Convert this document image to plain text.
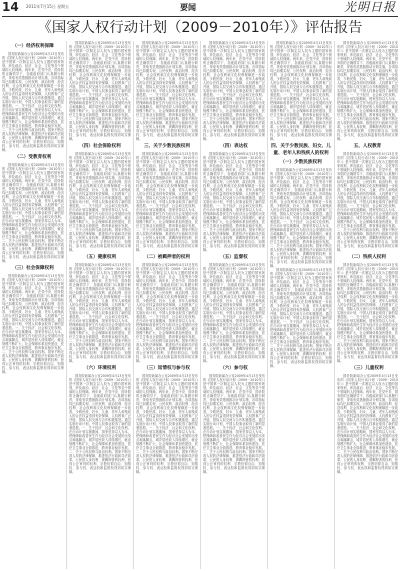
14 2011年7月15日 星期五	要闻	光明日报
《国家人权行动计划（2009－2010年）》评估报告
（一）经济权利保障

国务院新闻办公室2009年4月13日发布的《国家人权行动计划（2009－2010年）》是中国第一次制定以人权为主题的国家规划，涉及政治、经济、社会、文化等各个领域的人权保障。两年来，在党中央、国务院的正确领导下，各级政府部门认真履行职责，采取有效措施推动计划实施，各项指标均已如期实现，公民权利、政治权利、经济权利、社会权利和文化权利保障进一步改善，少数民族、妇女、儿童、老年人和残疾人的合法权益得到有效保障，人权教育广泛开展，国际人权交流与合作积极推进。通过实施行动计划，中国人权事业取得了新的显著进展。一、关于经济、社会和文化权利。在行动计划实施期间，国家坚持以人为本，把保障和改善民生作为经济社会发展的出发点和落脚点，城乡居民收入持续增长，就业规模不断扩大，社会保障体系加快建设，医疗卫生事业全面推进，教育事业稳步发展。二、关于公民权利与政治权利。国家不断完善人权的法律保障，推进依法行政和司法改革，公民的人身权利、被羁押者的权利、获得公正审判的权利、宗教信仰自由、知情权、参与权、表达权和监督权得到切实保障。

（二）受教育权利

国务院新闻办公室2009年4月13日发布的《国家人权行动计划（2009－2010年）》是中国第一次制定以人权为主题的国家规划，涉及政治、经济、社会、文化等各个领域的人权保障。两年来，在党中央、国务院的正确领导下，各级政府部门认真履行职责，采取有效措施推动计划实施，各项指标均已如期实现，公民权利、政治权利、经济权利、社会权利和文化权利保障进一步改善，少数民族、妇女、儿童、老年人和残疾人的合法权益得到有效保障，人权教育广泛开展，国际人权交流与合作积极推进。通过实施行动计划，中国人权事业取得了新的显著进展。一、关于经济、社会和文化权利。在行动计划实施期间，国家坚持以人为本，把保障和改善民生作为经济社会发展的出发点和落脚点，城乡居民收入持续增长，就业规模不断扩大，社会保障体系加快建设，医疗卫生事业全面推进，教育事业稳步发展。二、关于公民权利与政治权利。国家不断完善人权的法律保障，推进依法行政和司法改革，公民的人身权利、被羁押者的权利、获得公正审判的权利、宗教信仰自由、知情权、参与权、表达权和监督权得到切实保障。

（三）社会保障权利

国务院新闻办公室2009年4月13日发布的《国家人权行动计划（2009－2010年）》是中国第一次制定以人权为主题的国家规划，涉及政治、经济、社会、文化等各个领域的人权保障。两年来，在党中央、国务院的正确领导下，各级政府部门认真履行职责，采取有效措施推动计划实施，各项指标均已如期实现，公民权利、政治权利、经济权利、社会权利和文化权利保障进一步改善，少数民族、妇女、儿童、老年人和残疾人的合法权益得到有效保障，人权教育广泛开展，国际人权交流与合作积极推进。通过实施行动计划，中国人权事业取得了新的显著进展。一、关于经济、社会和文化权利。在行动计划实施期间，国家坚持以人为本，把保障和改善民生作为经济社会发展的出发点和落脚点，城乡居民收入持续增长，就业规模不断扩大，社会保障体系加快建设，医疗卫生事业全面推进，教育事业稳步发展。二、关于公民权利与政治权利。国家不断完善人权的法律保障，推进依法行政和司法改革，公民的人身权利、被羁押者的权利、获得公正审判的权利、宗教信仰自由、知情权、参与权、表达权和监督权得到切实保障。

国务院新闻办公室2009年4月13日发布的《国家人权行动计划（2009－2010年）》是中国第一次制定以人权为主题的国家规划，涉及政治、经济、社会、文化等各个领域的人权保障。两年来，在党中央、国务院的正确领导下，各级政府部门认真履行职责，采取有效措施推动计划实施，各项指标均已如期实现，公民权利、政治权利、经济权利、社会权利和文化权利保障进一步改善，少数民族、妇女、儿童、老年人和残疾人的合法权益得到有效保障，人权教育广泛开展，国际人权交流与合作积极推进。通过实施行动计划，中国人权事业取得了新的显著进展。一、关于经济、社会和文化权利。在行动计划实施期间，国家坚持以人为本，把保障和改善民生作为经济社会发展的出发点和落脚点，城乡居民收入持续增长，就业规模不断扩大，社会保障体系加快建设，医疗卫生事业全面推进，教育事业稳步发展。二、关于公民权利与政治权利。国家不断完善人权的法律保障，推进依法行政和司法改革，公民的人身权利、被羁押者的权利、获得公正审判的权利、宗教信仰自由、知情权、参与权、表达权和监督权得到切实保障。

（四）社会保险权利

国务院新闻办公室2009年4月13日发布的《国家人权行动计划（2009－2010年）》是中国第一次制定以人权为主题的国家规划，涉及政治、经济、社会、文化等各个领域的人权保障。两年来，在党中央、国务院的正确领导下，各级政府部门认真履行职责，采取有效措施推动计划实施，各项指标均已如期实现，公民权利、政治权利、经济权利、社会权利和文化权利保障进一步改善，少数民族、妇女、儿童、老年人和残疾人的合法权益得到有效保障，人权教育广泛开展，国际人权交流与合作积极推进。通过实施行动计划，中国人权事业取得了新的显著进展。一、关于经济、社会和文化权利。在行动计划实施期间，国家坚持以人为本，把保障和改善民生作为经济社会发展的出发点和落脚点，城乡居民收入持续增长，就业规模不断扩大，社会保障体系加快建设，医疗卫生事业全面推进，教育事业稳步发展。二、关于公民权利与政治权利。国家不断完善人权的法律保障，推进依法行政和司法改革，公民的人身权利、被羁押者的权利、获得公正审判的权利、宗教信仰自由、知情权、参与权、表达权和监督权得到切实保障。

（五）健康权利

国务院新闻办公室2009年4月13日发布的《国家人权行动计划（2009－2010年）》是中国第一次制定以人权为主题的国家规划，涉及政治、经济、社会、文化等各个领域的人权保障。两年来，在党中央、国务院的正确领导下，各级政府部门认真履行职责，采取有效措施推动计划实施，各项指标均已如期实现，公民权利、政治权利、经济权利、社会权利和文化权利保障进一步改善，少数民族、妇女、儿童、老年人和残疾人的合法权益得到有效保障，人权教育广泛开展，国际人权交流与合作积极推进。通过实施行动计划，中国人权事业取得了新的显著进展。一、关于经济、社会和文化权利。在行动计划实施期间，国家坚持以人为本，把保障和改善民生作为经济社会发展的出发点和落脚点，城乡居民收入持续增长，就业规模不断扩大，社会保障体系加快建设，医疗卫生事业全面推进，教育事业稳步发展。二、关于公民权利与政治权利。国家不断完善人权的法律保障，推进依法行政和司法改革，公民的人身权利、被羁押者的权利、获得公正审判的权利、宗教信仰自由、知情权、参与权、表达权和监督权得到切实保障。

（六）环境权利

国务院新闻办公室2009年4月13日发布的《国家人权行动计划（2009－2010年）》是中国第一次制定以人权为主题的国家规划，涉及政治、经济、社会、文化等各个领域的人权保障。两年来，在党中央、国务院的正确领导下，各级政府部门认真履行职责，采取有效措施推动计划实施，各项指标均已如期实现，公民权利、政治权利、经济权利、社会权利和文化权利保障进一步改善，少数民族、妇女、儿童、老年人和残疾人的合法权益得到有效保障，人权教育广泛开展，国际人权交流与合作积极推进。通过实施行动计划，中国人权事业取得了新的显著进展。一、关于经济、社会和文化权利。在行动计划实施期间，国家坚持以人为本，把保障和改善民生作为经济社会发展的出发点和落脚点，城乡居民收入持续增长，就业规模不断扩大，社会保障体系加快建设，医疗卫生事业全面推进，教育事业稳步发展。二、关于公民权利与政治权利。国家不断完善人权的法律保障，推进依法行政和司法改革，公民的人身权利、被羁押者的权利、获得公正审判的权利、宗教信仰自由、知情权、参与权、表达权和监督权得到切实保障。

国务院新闻办公室2009年4月13日发布的《国家人权行动计划（2009－2010年）》是中国第一次制定以人权为主题的国家规划，涉及政治、经济、社会、文化等各个领域的人权保障。两年来，在党中央、国务院的正确领导下，各级政府部门认真履行职责，采取有效措施推动计划实施，各项指标均已如期实现，公民权利、政治权利、经济权利、社会权利和文化权利保障进一步改善，少数民族、妇女、儿童、老年人和残疾人的合法权益得到有效保障，人权教育广泛开展，国际人权交流与合作积极推进。通过实施行动计划，中国人权事业取得了新的显著进展。一、关于经济、社会和文化权利。在行动计划实施期间，国家坚持以人为本，把保障和改善民生作为经济社会发展的出发点和落脚点，城乡居民收入持续增长，就业规模不断扩大，社会保障体系加快建设，医疗卫生事业全面推进，教育事业稳步发展。二、关于公民权利与政治权利。国家不断完善人权的法律保障，推进依法行政和司法改革，公民的人身权利、被羁押者的权利、获得公正审判的权利、宗教信仰自由、知情权、参与权、表达权和监督权得到切实保障。

三、关于少数民族权利

国务院新闻办公室2009年4月13日发布的《国家人权行动计划（2009－2010年）》是中国第一次制定以人权为主题的国家规划，涉及政治、经济、社会、文化等各个领域的人权保障。两年来，在党中央、国务院的正确领导下，各级政府部门认真履行职责，采取有效措施推动计划实施，各项指标均已如期实现，公民权利、政治权利、经济权利、社会权利和文化权利保障进一步改善，少数民族、妇女、儿童、老年人和残疾人的合法权益得到有效保障，人权教育广泛开展，国际人权交流与合作积极推进。通过实施行动计划，中国人权事业取得了新的显著进展。一、关于经济、社会和文化权利。在行动计划实施期间，国家坚持以人为本，把保障和改善民生作为经济社会发展的出发点和落脚点，城乡居民收入持续增长，就业规模不断扩大，社会保障体系加快建设，医疗卫生事业全面推进，教育事业稳步发展。二、关于公民权利与政治权利。国家不断完善人权的法律保障，推进依法行政和司法改革，公民的人身权利、被羁押者的权利、获得公正审判的权利、宗教信仰自由、知情权、参与权、表达权和监督权得到切实保障。

（二）被羁押者的权利

国务院新闻办公室2009年4月13日发布的《国家人权行动计划（2009－2010年）》是中国第一次制定以人权为主题的国家规划，涉及政治、经济、社会、文化等各个领域的人权保障。两年来，在党中央、国务院的正确领导下，各级政府部门认真履行职责，采取有效措施推动计划实施，各项指标均已如期实现，公民权利、政治权利、经济权利、社会权利和文化权利保障进一步改善，少数民族、妇女、儿童、老年人和残疾人的合法权益得到有效保障，人权教育广泛开展，国际人权交流与合作积极推进。通过实施行动计划，中国人权事业取得了新的显著进展。一、关于经济、社会和文化权利。在行动计划实施期间，国家坚持以人为本，把保障和改善民生作为经济社会发展的出发点和落脚点，城乡居民收入持续增长，就业规模不断扩大，社会保障体系加快建设，医疗卫生事业全面推进，教育事业稳步发展。二、关于公民权利与政治权利。国家不断完善人权的法律保障，推进依法行政和司法改革，公民的人身权利、被羁押者的权利、获得公正审判的权利、宗教信仰自由、知情权、参与权、表达权和监督权得到切实保障。

（三）知情权与参与权

国务院新闻办公室2009年4月13日发布的《国家人权行动计划（2009－2010年）》是中国第一次制定以人权为主题的国家规划，涉及政治、经济、社会、文化等各个领域的人权保障。两年来，在党中央、国务院的正确领导下，各级政府部门认真履行职责，采取有效措施推动计划实施，各项指标均已如期实现，公民权利、政治权利、经济权利、社会权利和文化权利保障进一步改善，少数民族、妇女、儿童、老年人和残疾人的合法权益得到有效保障，人权教育广泛开展，国际人权交流与合作积极推进。通过实施行动计划，中国人权事业取得了新的显著进展。一、关于经济、社会和文化权利。在行动计划实施期间，国家坚持以人为本，把保障和改善民生作为经济社会发展的出发点和落脚点，城乡居民收入持续增长，就业规模不断扩大，社会保障体系加快建设，医疗卫生事业全面推进，教育事业稳步发展。二、关于公民权利与政治权利。国家不断完善人权的法律保障，推进依法行政和司法改革，公民的人身权利、被羁押者的权利、获得公正审判的权利、宗教信仰自由、知情权、参与权、表达权和监督权得到切实保障。

国务院新闻办公室2009年4月13日发布的《国家人权行动计划（2009－2010年）》是中国第一次制定以人权为主题的国家规划，涉及政治、经济、社会、文化等各个领域的人权保障。两年来，在党中央、国务院的正确领导下，各级政府部门认真履行职责，采取有效措施推动计划实施，各项指标均已如期实现，公民权利、政治权利、经济权利、社会权利和文化权利保障进一步改善，少数民族、妇女、儿童、老年人和残疾人的合法权益得到有效保障，人权教育广泛开展，国际人权交流与合作积极推进。通过实施行动计划，中国人权事业取得了新的显著进展。一、关于经济、社会和文化权利。在行动计划实施期间，国家坚持以人为本，把保障和改善民生作为经济社会发展的出发点和落脚点，城乡居民收入持续增长，就业规模不断扩大，社会保障体系加快建设，医疗卫生事业全面推进，教育事业稳步发展。二、关于公民权利与政治权利。国家不断完善人权的法律保障，推进依法行政和司法改革，公民的人身权利、被羁押者的权利、获得公正审判的权利、宗教信仰自由、知情权、参与权、表达权和监督权得到切实保障。

（四）表达权

国务院新闻办公室2009年4月13日发布的《国家人权行动计划（2009－2010年）》是中国第一次制定以人权为主题的国家规划，涉及政治、经济、社会、文化等各个领域的人权保障。两年来，在党中央、国务院的正确领导下，各级政府部门认真履行职责，采取有效措施推动计划实施，各项指标均已如期实现，公民权利、政治权利、经济权利、社会权利和文化权利保障进一步改善，少数民族、妇女、儿童、老年人和残疾人的合法权益得到有效保障，人权教育广泛开展，国际人权交流与合作积极推进。通过实施行动计划，中国人权事业取得了新的显著进展。一、关于经济、社会和文化权利。在行动计划实施期间，国家坚持以人为本，把保障和改善民生作为经济社会发展的出发点和落脚点，城乡居民收入持续增长，就业规模不断扩大，社会保障体系加快建设，医疗卫生事业全面推进，教育事业稳步发展。二、关于公民权利与政治权利。国家不断完善人权的法律保障，推进依法行政和司法改革，公民的人身权利、被羁押者的权利、获得公正审判的权利、宗教信仰自由、知情权、参与权、表达权和监督权得到切实保障。

（五）监督权

国务院新闻办公室2009年4月13日发布的《国家人权行动计划（2009－2010年）》是中国第一次制定以人权为主题的国家规划，涉及政治、经济、社会、文化等各个领域的人权保障。两年来，在党中央、国务院的正确领导下，各级政府部门认真履行职责，采取有效措施推动计划实施，各项指标均已如期实现，公民权利、政治权利、经济权利、社会权利和文化权利保障进一步改善，少数民族、妇女、儿童、老年人和残疾人的合法权益得到有效保障，人权教育广泛开展，国际人权交流与合作积极推进。通过实施行动计划，中国人权事业取得了新的显著进展。一、关于经济、社会和文化权利。在行动计划实施期间，国家坚持以人为本，把保障和改善民生作为经济社会发展的出发点和落脚点，城乡居民收入持续增长，就业规模不断扩大，社会保障体系加快建设，医疗卫生事业全面推进，教育事业稳步发展。二、关于公民权利与政治权利。国家不断完善人权的法律保障，推进依法行政和司法改革，公民的人身权利、被羁押者的权利、获得公正审判的权利、宗教信仰自由、知情权、参与权、表达权和监督权得到切实保障。

（六）参与权

国务院新闻办公室2009年4月13日发布的《国家人权行动计划（2009－2010年）》是中国第一次制定以人权为主题的国家规划，涉及政治、经济、社会、文化等各个领域的人权保障。两年来，在党中央、国务院的正确领导下，各级政府部门认真履行职责，采取有效措施推动计划实施，各项指标均已如期实现，公民权利、政治权利、经济权利、社会权利和文化权利保障进一步改善，少数民族、妇女、儿童、老年人和残疾人的合法权益得到有效保障，人权教育广泛开展，国际人权交流与合作积极推进。通过实施行动计划，中国人权事业取得了新的显著进展。一、关于经济、社会和文化权利。在行动计划实施期间，国家坚持以人为本，把保障和改善民生作为经济社会发展的出发点和落脚点，城乡居民收入持续增长，就业规模不断扩大，社会保障体系加快建设，医疗卫生事业全面推进，教育事业稳步发展。二、关于公民权利与政治权利。国家不断完善人权的法律保障，推进依法行政和司法改革，公民的人身权利、被羁押者的权利、获得公正审判的权利、宗教信仰自由、知情权、参与权、表达权和监督权得到切实保障。

国务院新闻办公室2009年4月13日发布的《国家人权行动计划（2009－2010年）》是中国第一次制定以人权为主题的国家规划，涉及政治、经济、社会、文化等各个领域的人权保障。两年来，在党中央、国务院的正确领导下，各级政府部门认真履行职责，采取有效措施推动计划实施，各项指标均已如期实现，公民权利、政治权利、经济权利、社会权利和文化权利保障进一步改善，少数民族、妇女、儿童、老年人和残疾人的合法权益得到有效保障，人权教育广泛开展，国际人权交流与合作积极推进。通过实施行动计划，中国人权事业取得了新的显著进展。一、关于经济、社会和文化权利。在行动计划实施期间，国家坚持以人为本，把保障和改善民生作为经济社会发展的出发点和落脚点，城乡居民收入持续增长，就业规模不断扩大，社会保障体系加快建设，医疗卫生事业全面推进，教育事业稳步发展。二、关于公民权利与政治权利。国家不断完善人权的法律保障，推进依法行政和司法改革，公民的人身权利、被羁押者的权利、获得公正审判的权利、宗教信仰自由、知情权、参与权、表达权和监督权得到切实保障。

四、关于少数民族、妇女、儿童、老年人和残疾人的权利
（一）少数民族权利

国务院新闻办公室2009年4月13日发布的《国家人权行动计划（2009－2010年）》是中国第一次制定以人权为主题的国家规划，涉及政治、经济、社会、文化等各个领域的人权保障。两年来，在党中央、国务院的正确领导下，各级政府部门认真履行职责，采取有效措施推动计划实施，各项指标均已如期实现，公民权利、政治权利、经济权利、社会权利和文化权利保障进一步改善，少数民族、妇女、儿童、老年人和残疾人的合法权益得到有效保障，人权教育广泛开展，国际人权交流与合作积极推进。通过实施行动计划，中国人权事业取得了新的显著进展。一、关于经济、社会和文化权利。在行动计划实施期间，国家坚持以人为本，把保障和改善民生作为经济社会发展的出发点和落脚点，城乡居民收入持续增长，就业规模不断扩大，社会保障体系加快建设，医疗卫生事业全面推进，教育事业稳步发展。二、关于公民权利与政治权利。国家不断完善人权的法律保障，推进依法行政和司法改革，公民的人身权利、被羁押者的权利、获得公正审判的权利、宗教信仰自由、知情权、参与权、表达权和监督权得到切实保障。

国务院新闻办公室2009年4月13日发布的《国家人权行动计划（2009－2010年）》是中国第一次制定以人权为主题的国家规划，涉及政治、经济、社会、文化等各个领域的人权保障。两年来，在党中央、国务院的正确领导下，各级政府部门认真履行职责，采取有效措施推动计划实施，各项指标均已如期实现，公民权利、政治权利、经济权利、社会权利和文化权利保障进一步改善，少数民族、妇女、儿童、老年人和残疾人的合法权益得到有效保障，人权教育广泛开展，国际人权交流与合作积极推进。通过实施行动计划，中国人权事业取得了新的显著进展。一、关于经济、社会和文化权利。在行动计划实施期间，国家坚持以人为本，把保障和改善民生作为经济社会发展的出发点和落脚点，城乡居民收入持续增长，就业规模不断扩大，社会保障体系加快建设，医疗卫生事业全面推进，教育事业稳步发展。二、关于公民权利与政治权利。国家不断完善人权的法律保障，推进依法行政和司法改革，公民的人身权利、被羁押者的权利、获得公正审判的权利、宗教信仰自由、知情权、参与权、表达权和监督权得到切实保障。

国务院新闻办公室2009年4月13日发布的《国家人权行动计划（2009－2010年）》是中国第一次制定以人权为主题的国家规划，涉及政治、经济、社会、文化等各个领域的人权保障。两年来，在党中央、国务院的正确领导下，各级政府部门认真履行职责，采取有效措施推动计划实施，各项指标均已如期实现，公民权利、政治权利、经济权利、社会权利和文化权利保障进一步改善，少数民族、妇女、儿童、老年人和残疾人的合法权益得到有效保障，人权教育广泛开展，国际人权交流与合作积极推进。通过实施行动计划，中国人权事业取得了新的显著进展。一、关于经济、社会和文化权利。在行动计划实施期间，国家坚持以人为本，把保障和改善民生作为经济社会发展的出发点和落脚点，城乡居民收入持续增长，就业规模不断扩大，社会保障体系加快建设，医疗卫生事业全面推进，教育事业稳步发展。二、关于公民权利与政治权利。国家不断完善人权的法律保障，推进依法行政和司法改革，公民的人身权利、被羁押者的权利、获得公正审判的权利、宗教信仰自由、知情权、参与权、表达权和监督权得到切实保障。

五、人权教育

国务院新闻办公室2009年4月13日发布的《国家人权行动计划（2009－2010年）》是中国第一次制定以人权为主题的国家规划，涉及政治、经济、社会、文化等各个领域的人权保障。两年来，在党中央、国务院的正确领导下，各级政府部门认真履行职责，采取有效措施推动计划实施，各项指标均已如期实现，公民权利、政治权利、经济权利、社会权利和文化权利保障进一步改善，少数民族、妇女、儿童、老年人和残疾人的合法权益得到有效保障，人权教育广泛开展，国际人权交流与合作积极推进。通过实施行动计划，中国人权事业取得了新的显著进展。一、关于经济、社会和文化权利。在行动计划实施期间，国家坚持以人为本，把保障和改善民生作为经济社会发展的出发点和落脚点，城乡居民收入持续增长，就业规模不断扩大，社会保障体系加快建设，医疗卫生事业全面推进，教育事业稳步发展。二、关于公民权利与政治权利。国家不断完善人权的法律保障，推进依法行政和司法改革，公民的人身权利、被羁押者的权利、获得公正审判的权利、宗教信仰自由、知情权、参与权、表达权和监督权得到切实保障。

（二）残疾人权利

国务院新闻办公室2009年4月13日发布的《国家人权行动计划（2009－2010年）》是中国第一次制定以人权为主题的国家规划，涉及政治、经济、社会、文化等各个领域的人权保障。两年来，在党中央、国务院的正确领导下，各级政府部门认真履行职责，采取有效措施推动计划实施，各项指标均已如期实现，公民权利、政治权利、经济权利、社会权利和文化权利保障进一步改善，少数民族、妇女、儿童、老年人和残疾人的合法权益得到有效保障，人权教育广泛开展，国际人权交流与合作积极推进。通过实施行动计划，中国人权事业取得了新的显著进展。一、关于经济、社会和文化权利。在行动计划实施期间，国家坚持以人为本，把保障和改善民生作为经济社会发展的出发点和落脚点，城乡居民收入持续增长，就业规模不断扩大，社会保障体系加快建设，医疗卫生事业全面推进，教育事业稳步发展。二、关于公民权利与政治权利。国家不断完善人权的法律保障，推进依法行政和司法改革，公民的人身权利、被羁押者的权利、获得公正审判的权利、宗教信仰自由、知情权、参与权、表达权和监督权得到切实保障。

（三）儿童权利

国务院新闻办公室2009年4月13日发布的《国家人权行动计划（2009－2010年）》是中国第一次制定以人权为主题的国家规划，涉及政治、经济、社会、文化等各个领域的人权保障。两年来，在党中央、国务院的正确领导下，各级政府部门认真履行职责，采取有效措施推动计划实施，各项指标均已如期实现，公民权利、政治权利、经济权利、社会权利和文化权利保障进一步改善，少数民族、妇女、儿童、老年人和残疾人的合法权益得到有效保障，人权教育广泛开展，国际人权交流与合作积极推进。通过实施行动计划，中国人权事业取得了新的显著进展。一、关于经济、社会和文化权利。在行动计划实施期间，国家坚持以人为本，把保障和改善民生作为经济社会发展的出发点和落脚点，城乡居民收入持续增长，就业规模不断扩大，社会保障体系加快建设，医疗卫生事业全面推进，教育事业稳步发展。二、关于公民权利与政治权利。国家不断完善人权的法律保障，推进依法行政和司法改革，公民的人身权利、被羁押者的权利、获得公正审判的权利、宗教信仰自由、知情权、参与权、表达权和监督权得到切实保障。
